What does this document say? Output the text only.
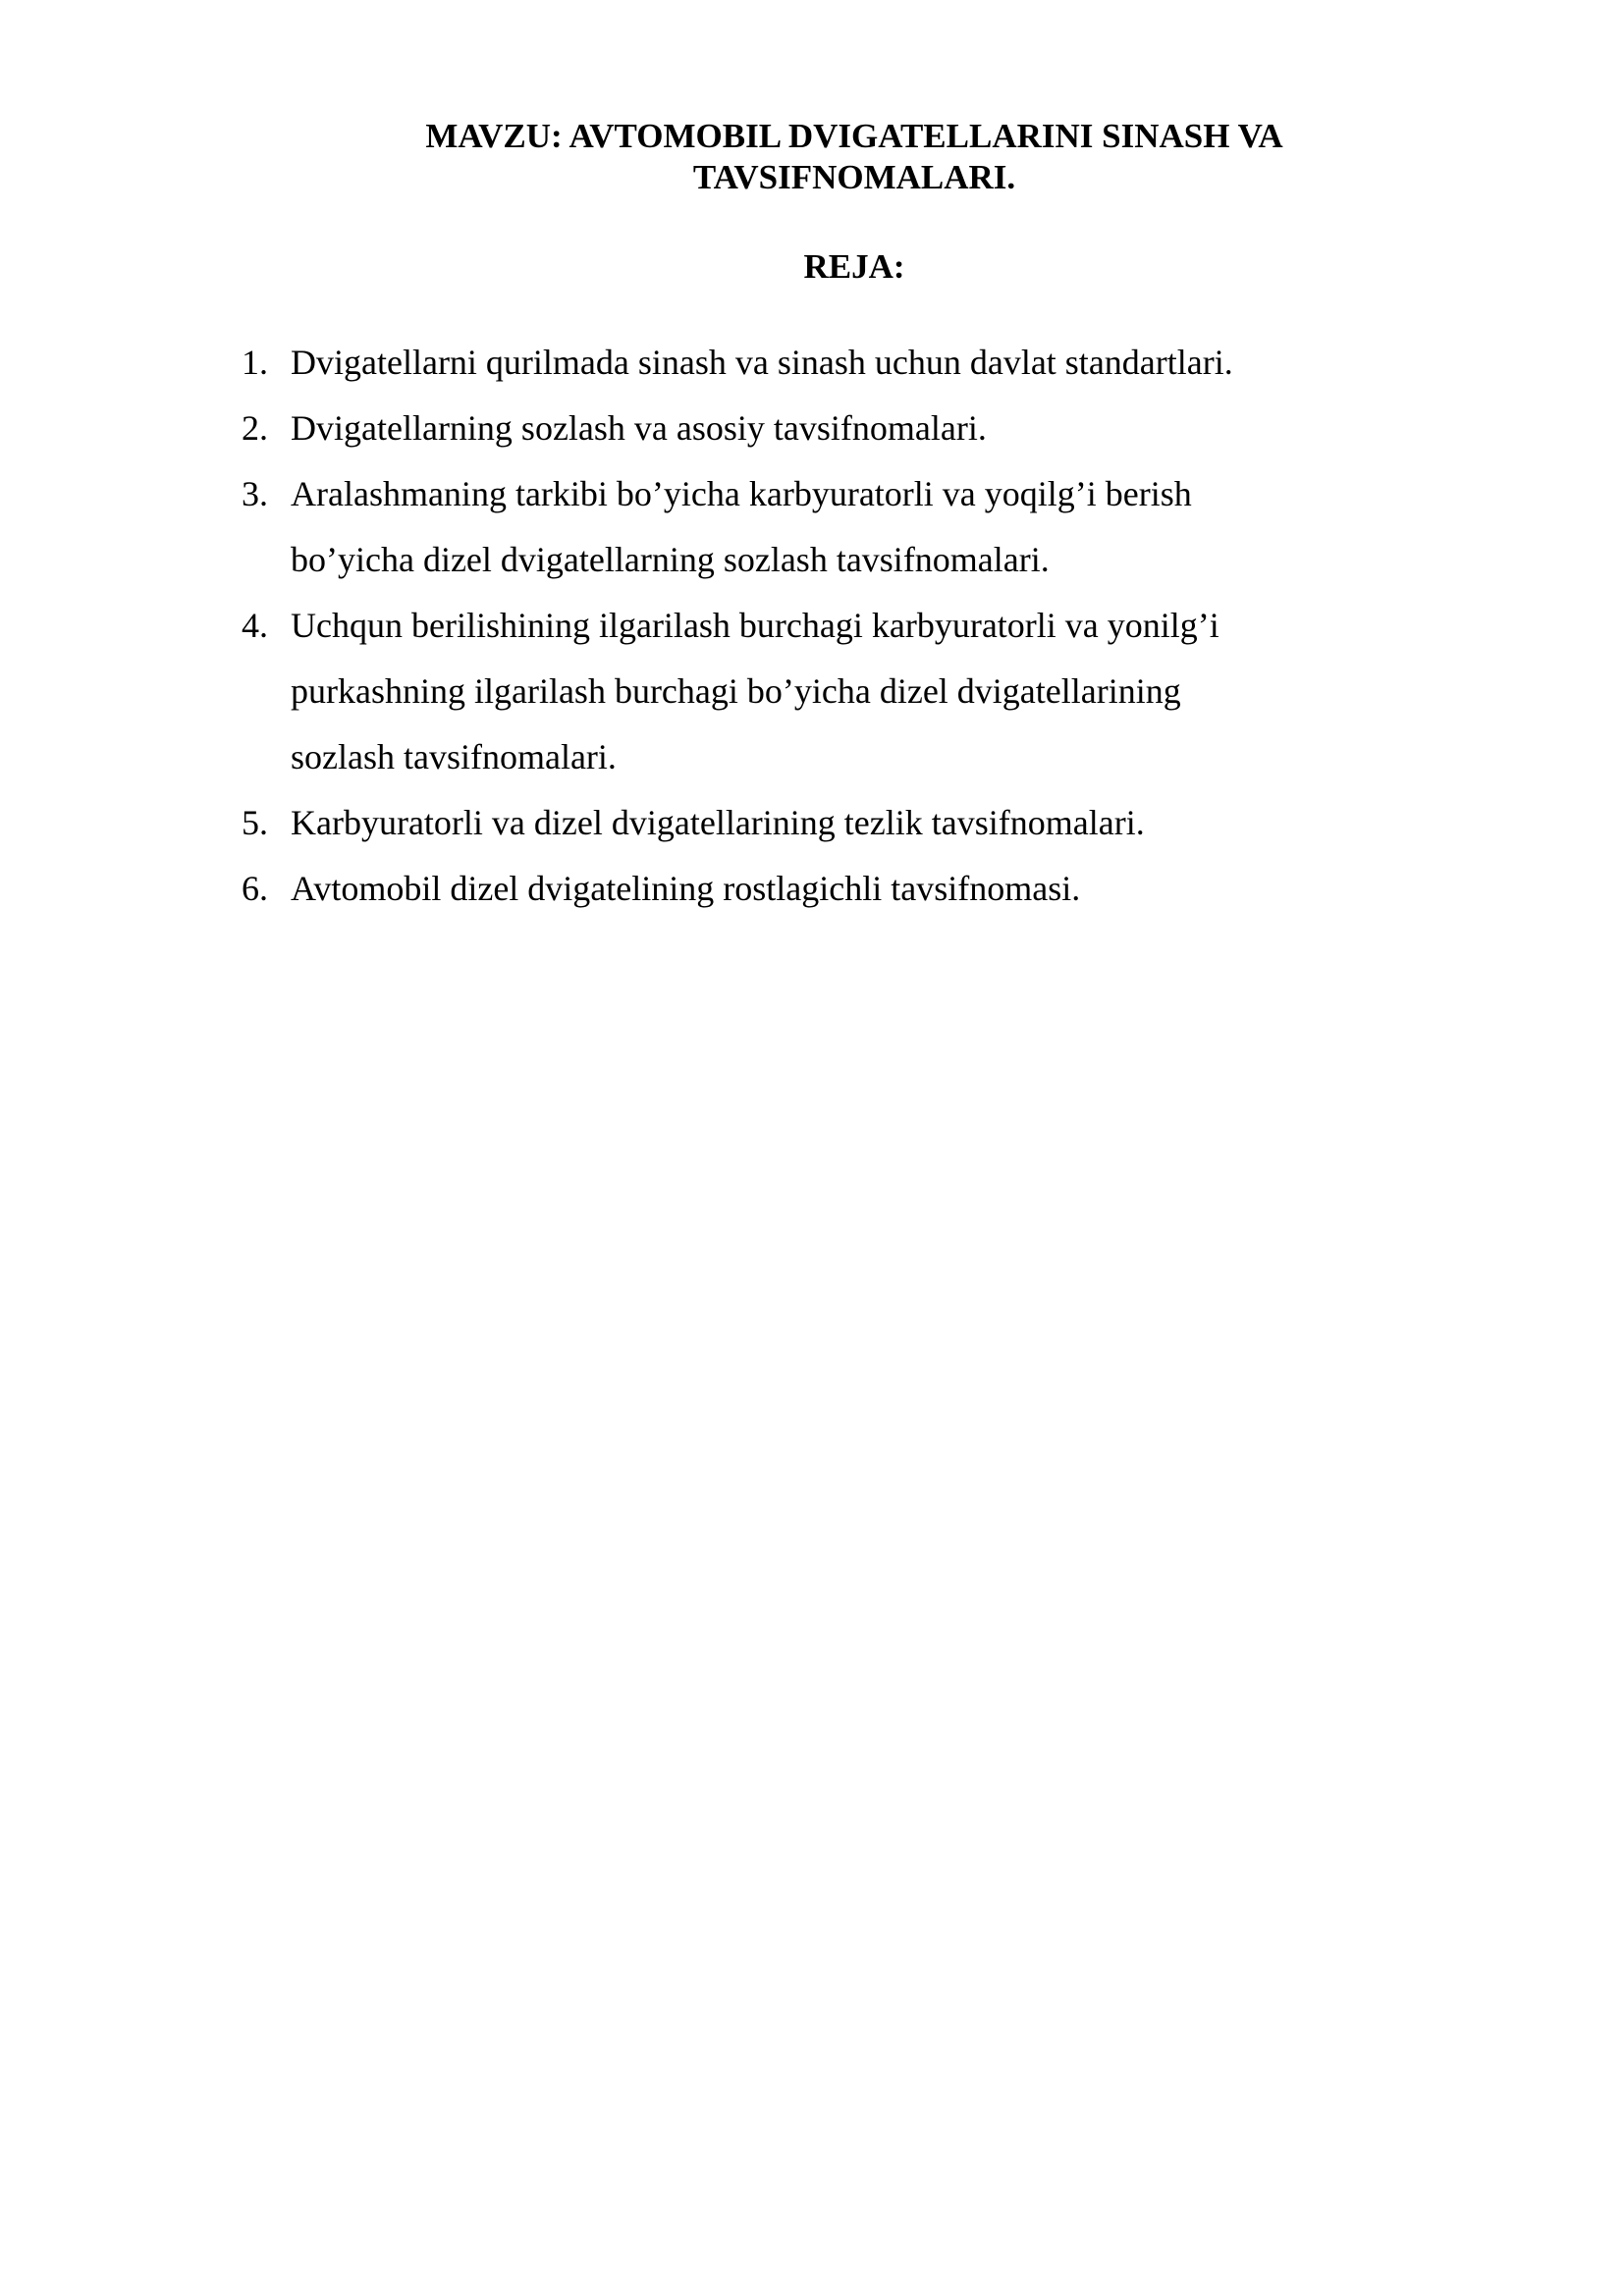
MAVZU: AVTOMOBIL DVIGATELLARINI SINASH VA
TAVSIFNOMALARI.
REJA:
1. Dvigatellarni qurilmada sinash va sinash uchun davlat standartlari.
2. Dvigatellarning sozlash va asosiy tavsifnomalari.
3. Aralashmaning tarkibi bo’yicha karbyuratorli va yoqilg’i berish
bo’yicha dizel dvigatellarning sozlash tavsifnomalari.
4. Uchqun berilishining ilgarilash burchagi karbyuratorli va yonilg’i
purkashning ilgarilash burchagi bo’yicha dizel dvigatellarining
sozlash tavsifnomalari.
5. Karbyuratorli va dizel dvigatellarining tezlik tavsifnomalari.
6. Avtomobil dizel dvigatelining rostlagichli tavsifnomasi.
